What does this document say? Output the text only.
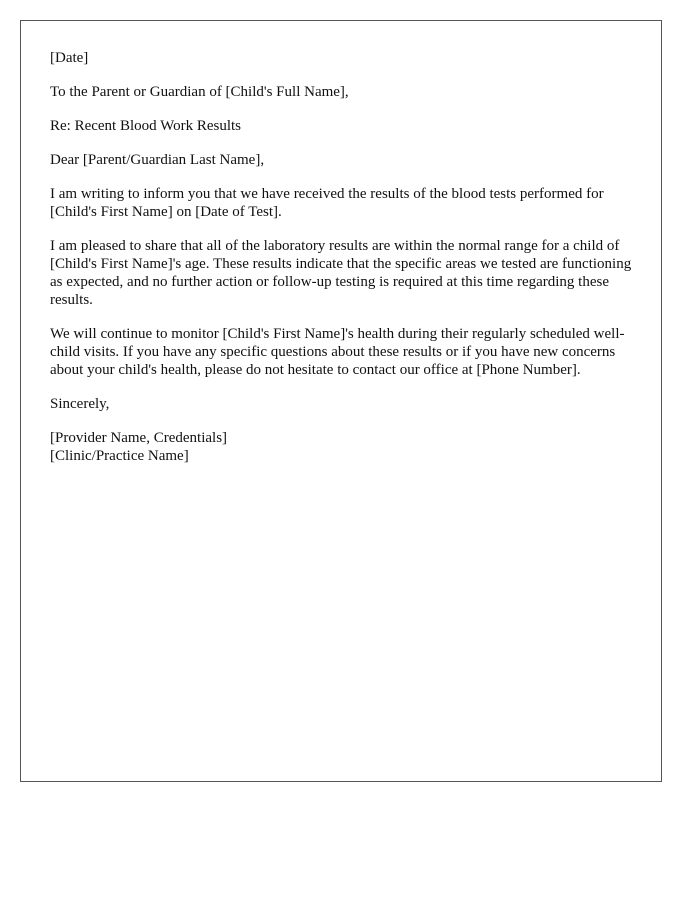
[Date]

To the Parent or Guardian of [Child's Full Name],

Re: Recent Blood Work Results

Dear [Parent/Guardian Last Name],

I am writing to inform you that we have received the results of the blood tests performed for [Child's First Name] on [Date of Test].

I am pleased to share that all of the laboratory results are within the normal range for a child of [Child's First Name]'s age. These results indicate that the specific areas we tested are functioning as expected, and no further action or follow-up testing is required at this time regarding these results.

We will continue to monitor [Child's First Name]'s health during their regularly scheduled well-child visits. If you have any specific questions about these results or if you have new concerns about your child's health, please do not hesitate to contact our office at [Phone Number].

Sincerely,

[Provider Name, Credentials]
[Clinic/Practice Name]
